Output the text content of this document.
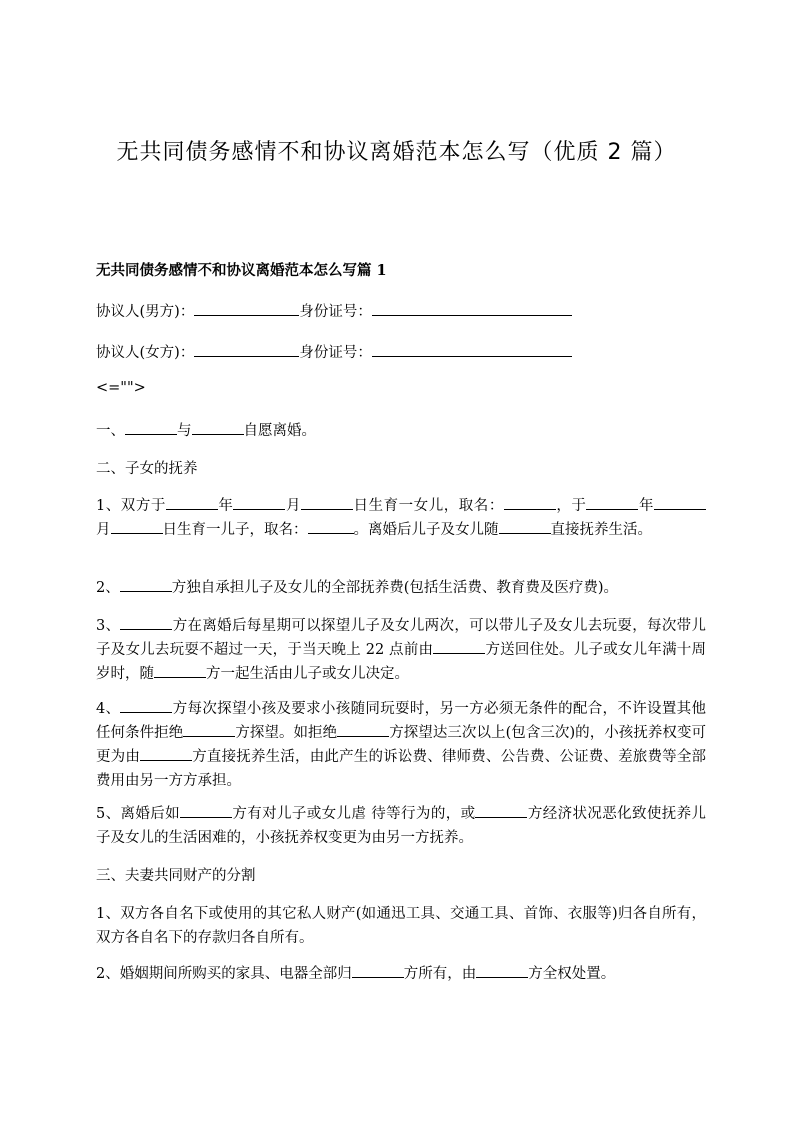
无共同债务感情不和协议离婚范本怎么写（优质 2 篇）
无共同债务感情不和协议离婚范本怎么写篇 1
协议人(男方)：	身份证号：
协议人(女方)：	身份证号：
<="">
一、	与	自愿离婚。
二、子女的抚养
1、双方于	年	月	日生育一女儿，取名：	，于	年月	日生育一儿子，取名：	。离婚后儿子及女儿随	直接抚养生活。
2、	方独自承担儿子及女儿的全部抚养费(包括生活费、教育费及医疗费)。
3、	方在离婚后每星期可以探望儿子及女儿两次，可以带儿子及女儿去玩耍，每次带儿子及女儿去玩耍不超过一天，于当天晚上 22 点前由	方送回住处。儿子或女儿年满十周岁时，随	方一起生活由儿子或女儿决定。
4、	方每次探望小孩及要求小孩随同玩耍时，另一方必须无条件的配合，不许设置其他任何条件拒绝	方探望。如拒绝	方探望达三次以上(包含三次)的，小孩抚养权变可更为由	方直接抚养生活，由此产生的诉讼费、律师费、公告费、公证费、差旅费等全部费用由另一方方承担。
5、离婚后如	方有对儿子或女儿虐 待等行为的，或	方经济状况恶化致使抚养儿子及女儿的生活困难的，小孩抚养权变更为由另一方抚养。
三、夫妻共同财产的分割
1、双方各自名下或使用的其它私人财产(如通迅工具、交通工具、首饰、衣服等)归各自所有，双方各自名下的存款归各自所有。
2、婚姻期间所购买的家具、电器全部归	方所有，由	方全权处置。
